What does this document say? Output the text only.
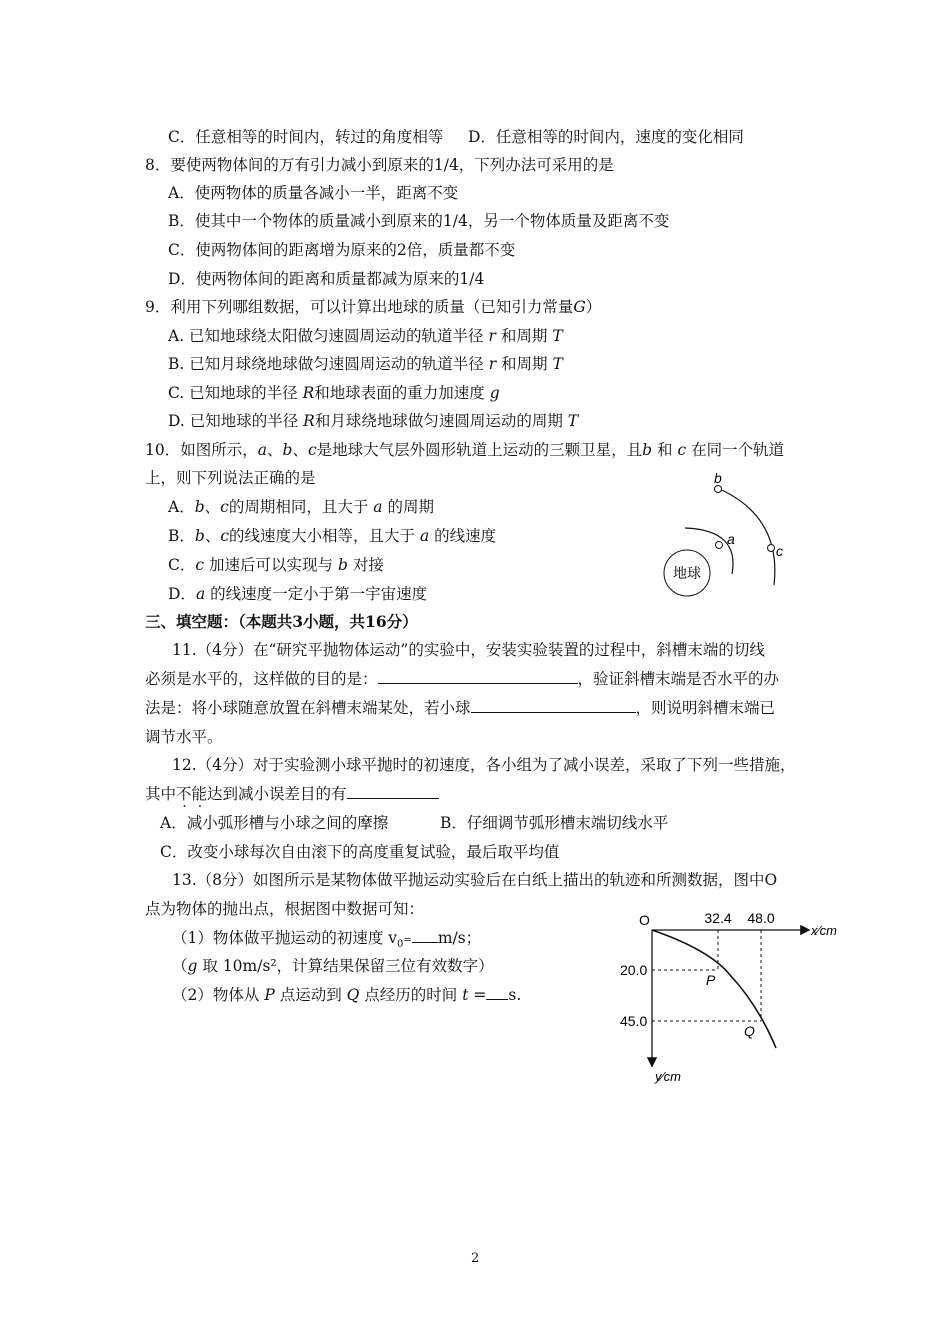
C．任意相等的时间内，转过的角度相等 D．任意相等的时间内，速度的变化相同
8．要使两物体间的万有引力减小到原来的1/4，下列办法可采用的是
A．使两物体的质量各减小一半，距离不变
B．使其中一个物体的质量减小到原来的1/4，另一个物体质量及距离不变
C．使两物体间的距离增为原来的2倍，质量都不变
D．使两物体间的距离和质量都减为原来的1/4
9．利用下列哪组数据，可以计算出地球的质量（已知引力常量G）
A. 已知地球绕太阳做匀速圆周运动的轨道半径 r 和周期 T
B. 已知月球绕地球做匀速圆周运动的轨道半径 r 和周期 T
C. 已知地球的半径 R和地球表面的重力加速度 g
D. 已知地球的半径 R和月球绕地球做匀速圆周运动的周期 T
10．如图所示，a、b、c是地球大气层外圆形轨道上运动的三颗卫星，且b 和 c 在同一个轨道
上，则下列说法正确的是
A．b、c的周期相同，且大于 a 的周期
B．b、c的线速度大小相等，且大于 a 的线速度
C．c 加速后可以实现与 b 对接
D．a 的线速度一定小于第一宇宙速度
地球
a
b
c
三、填空题：（本题共3小题，共16分）
11.（4分）在“研究平抛物体运动”的实验中，安装实验装置的过程中，斜槽末端的切线
必须是水平的，这样做的目的是：	，验证斜槽末端是否水平的办
法是：将小球随意放置在斜槽末端某处，若小球	，则说明斜槽末端已
调节水平。
12.（4分）对于实验测小球平抛时的初速度，各小组为了减小误差，采取了下列一些措施，
其中不能达到减小误差目的有
A．减小弧形槽与小球之间的摩擦	B．仔细调节弧形槽末端切线水平
C．改变小球每次自由滚下的高度重复试验，最后取平均值
13.（8分）如图所示是某物体做平抛运动实验后在白纸上描出的轨迹和所测数据，图中O
点为物体的抛出点，根据图中数据可知：
（1）物体做平抛运动的初速度 $v_0= m/s$；
（g 取 10m/s²，计算结果保留三位有效数字）
（2）物体从 P 点运动到 Q 点经历的时间 t = s.
O
x⁄cm
y⁄cm
32.4 48.0
20.0
45.0
P
Q
2
